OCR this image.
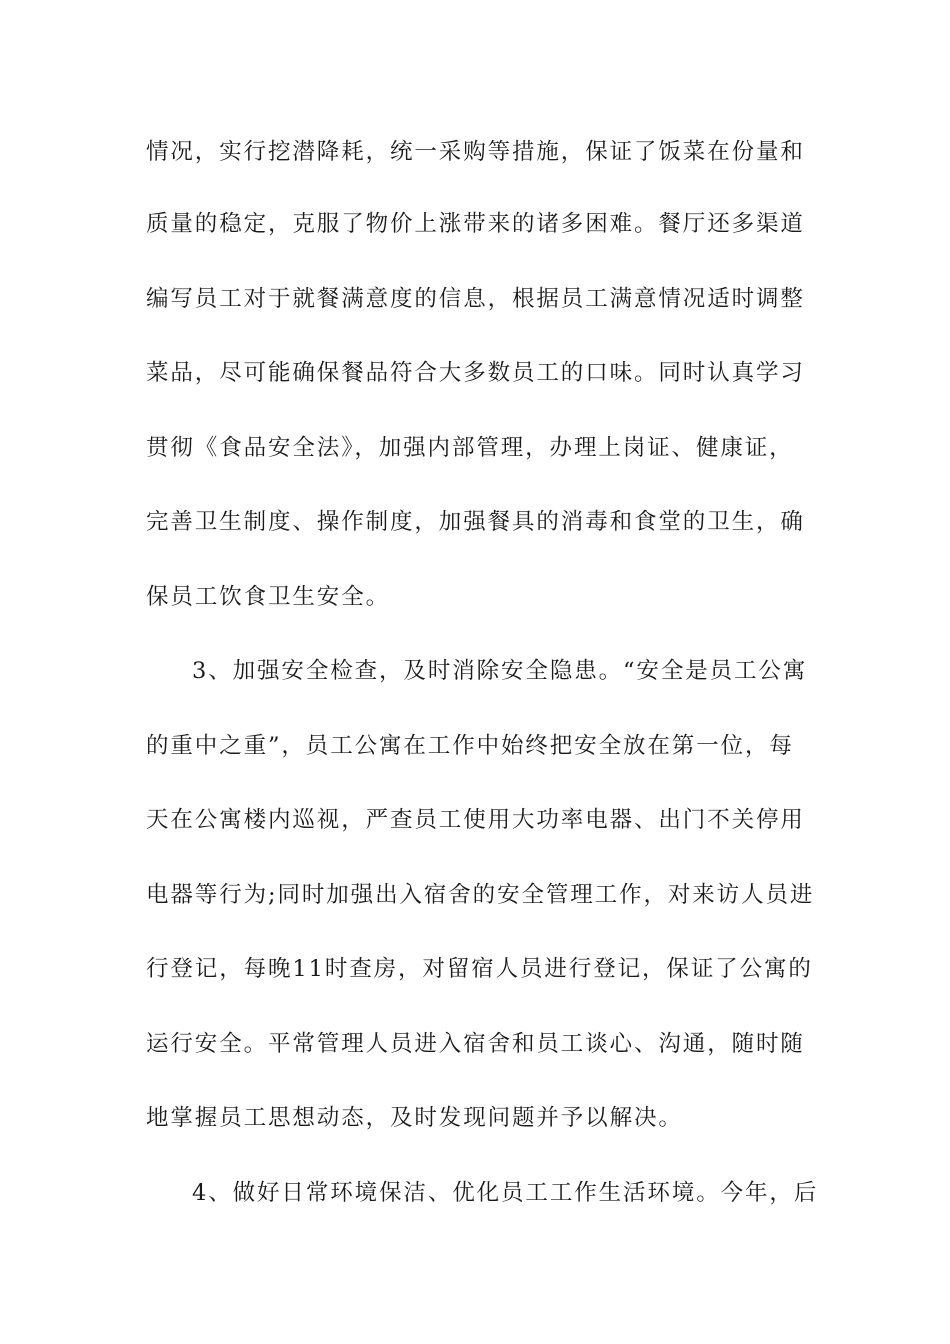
情况，实行挖潜降耗，统一采购等措施，保证了饭菜在份量和
质量的稳定，克服了物价上涨带来的诸多困难。餐厅还多渠道
编写员工对于就餐满意度的信息，根据员工满意情况适时调整
菜品，尽可能确保餐品符合大多数员工的口味。同时认真学习
贯彻《食品安全法》，加强内部管理，办理上岗证、健康证，
完善卫生制度、操作制度，加强餐具的消毒和食堂的卫生，确
保员工饮食卫生安全。
3、加强安全检查，及时消除安全隐患。“安全是员工公寓
的重中之重”，员工公寓在工作中始终把安全放在第一位，每
天在公寓楼内巡视，严查员工使用大功率电器、出门不关停用
电器等行为;同时加强出入宿舍的安全管理工作，对来访人员进
行登记，每晚11时查房，对留宿人员进行登记，保证了公寓的
运行安全。平常管理人员进入宿舍和员工谈心、沟通，随时随
地掌握员工思想动态，及时发现问题并予以解决。
4、做好日常环境保洁、优化员工工作生活环境。今年，后
